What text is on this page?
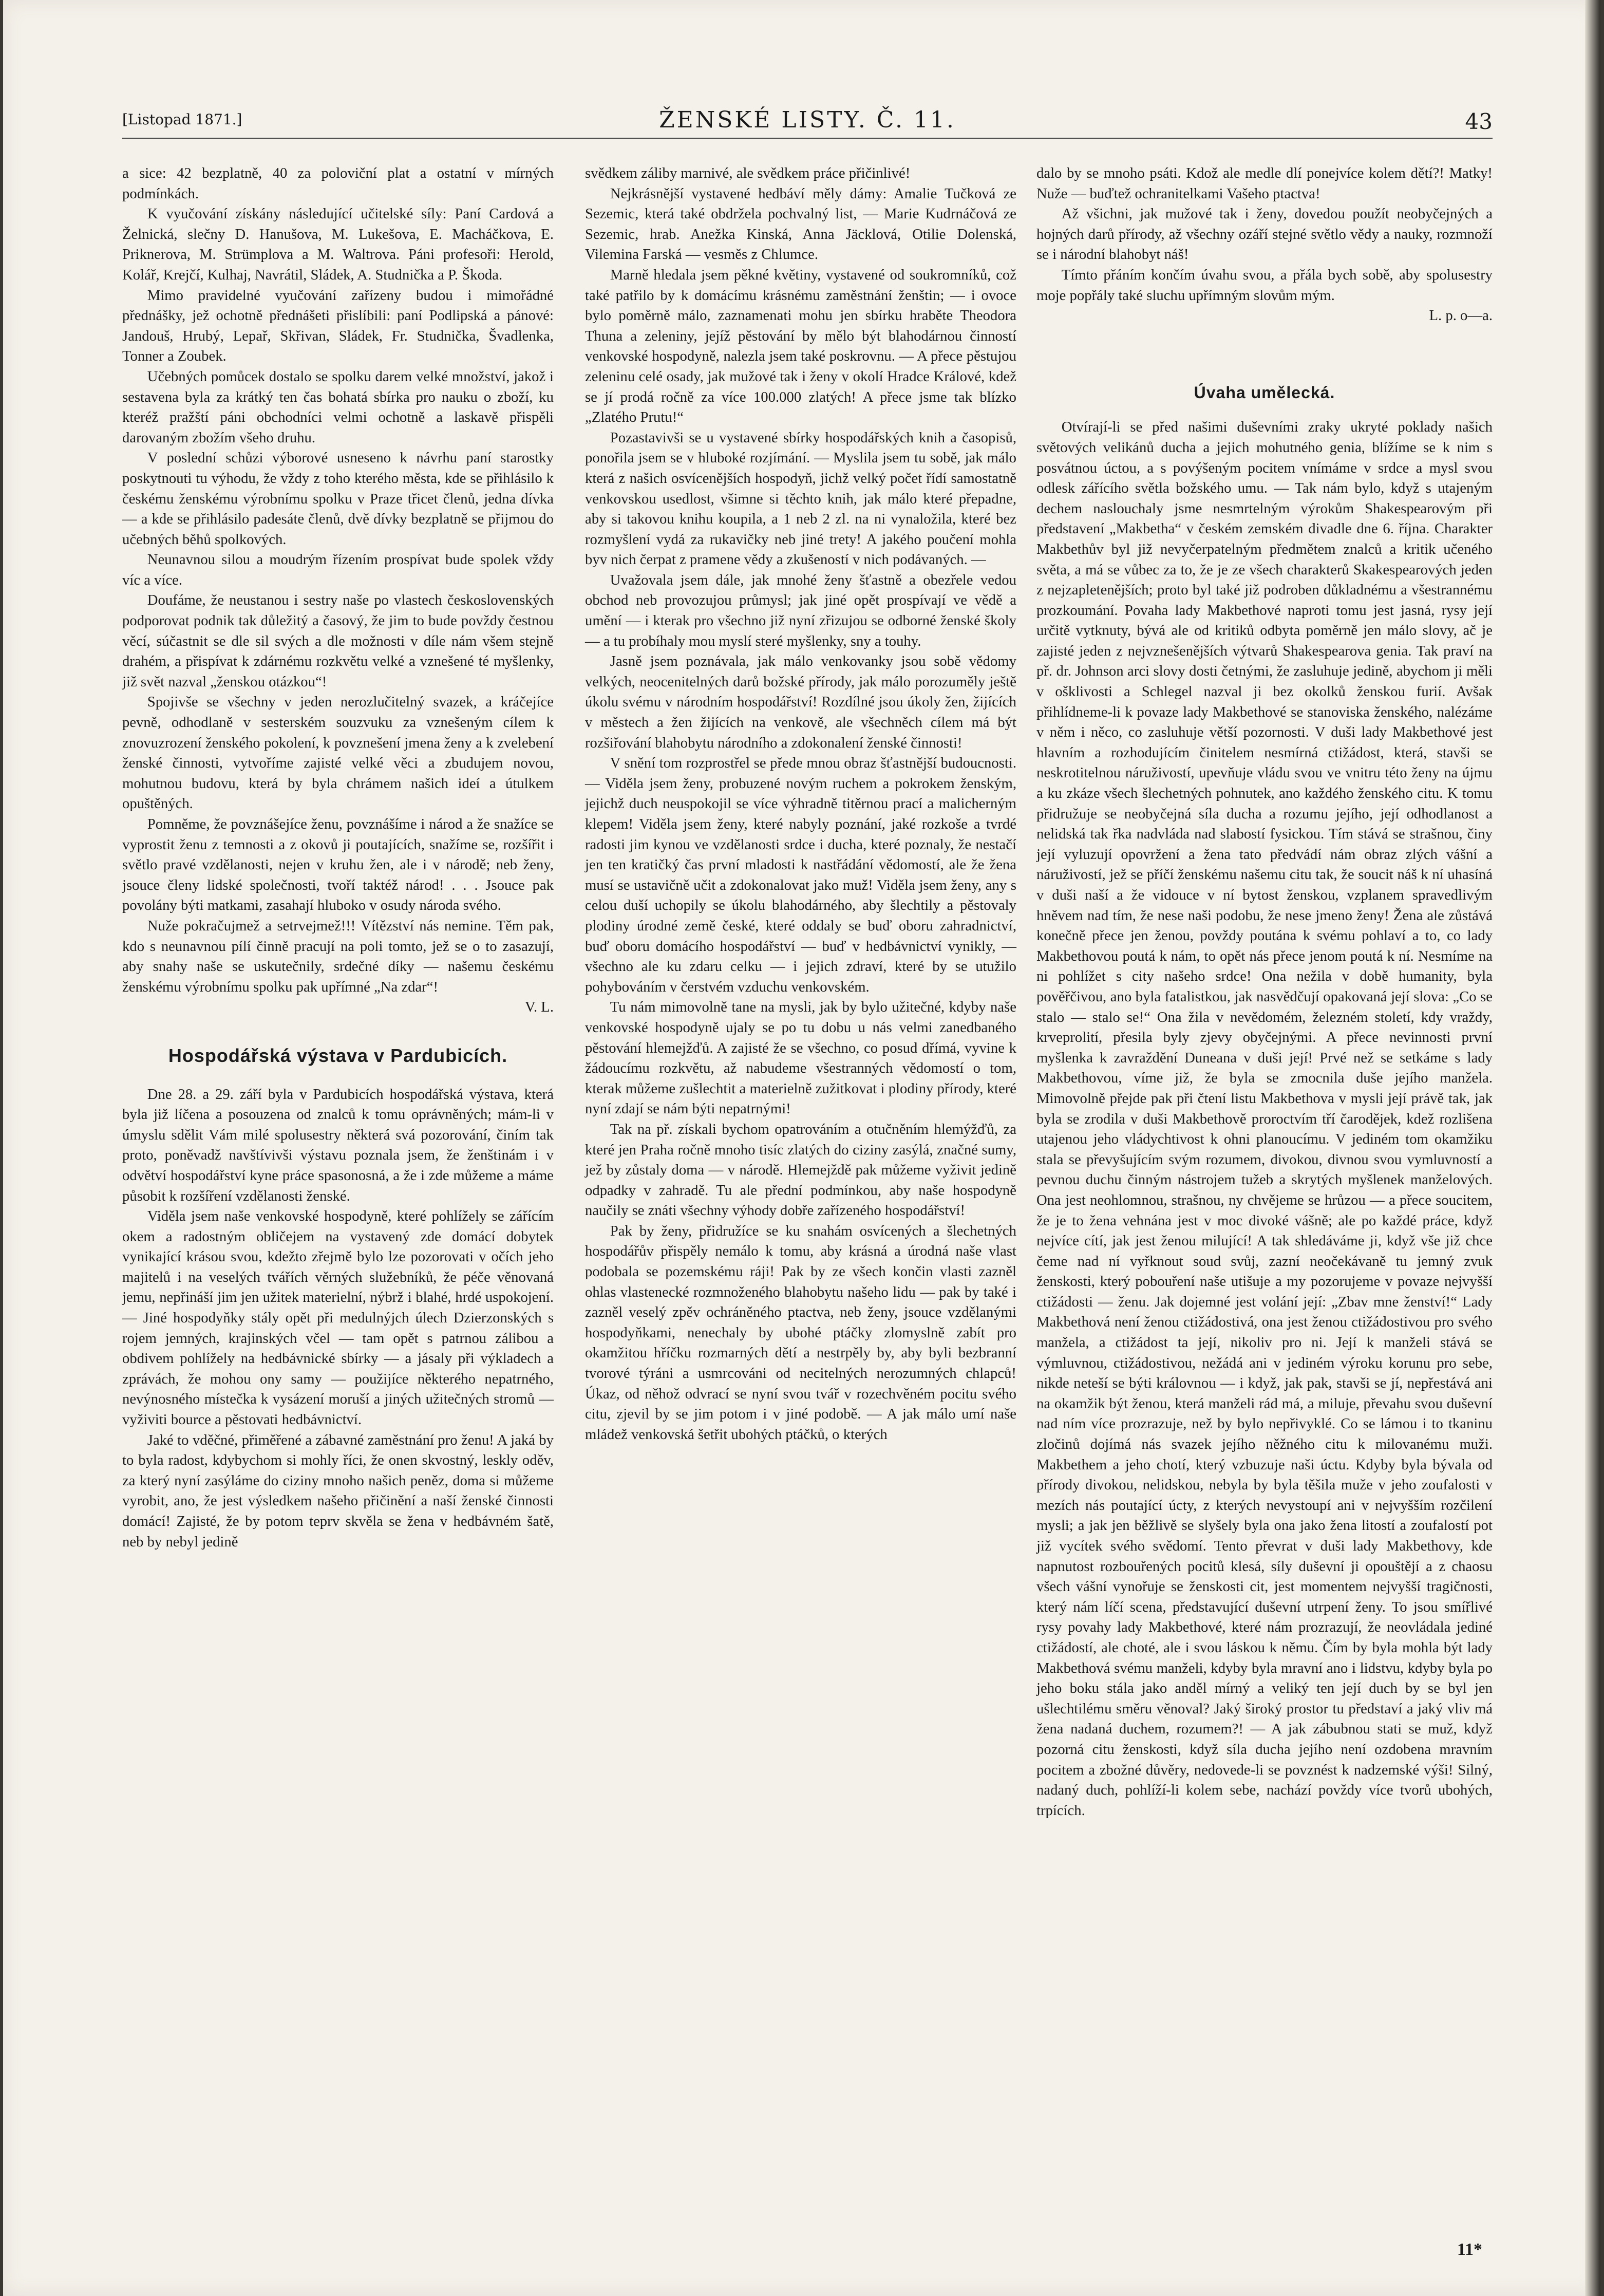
[Listopad 1871.]	ŽENSKÉ LISTY. Č. 11.	43

a sice: 42 bezplatně, 40 za poloviční plat a ostatní v mírných podmínkách.

K vyučování získány následující učitelské síly: Paní Cardová a Želnická, slečny D. Hanušova, M. Lukešova, E. Macháčkova, E. Priknerova, M. Strümplova a M. Waltrova. Páni profesoři: Herold, Kolář, Krejčí, Kulhaj, Navrátil, Sládek, A. Studnička a P. Škoda.

Mimo pravidelné vyučování zařízeny budou i mimořádné přednášky, jež ochotně přednášeti přislíbili: paní Podlipská a pánové: Jandouš, Hrubý, Lepař, Skřivan, Sládek, Fr. Studnička, Švadlenka, Tonner a Zoubek.

Učebných pomůcek dostalo se spolku darem velké množství, jakož i sestavena byla za krátký ten čas bohatá sbírka pro nauku o zboží, ku kteréž pražští páni obchodníci velmi ochotně a laskavě přispěli darovaným zbožím všeho druhu.

V poslední schůzi výborové usneseno k návrhu paní starostky poskytnouti tu výhodu, že vždy z toho kterého města, kde se přihlásilo k českému ženskému výrobnímu spolku v Praze třicet členů, jedna dívka — a kde se přihlásilo padesáte členů, dvě dívky bezplatně se přijmou do učebných běhů spolkových.

Neunavnou silou a moudrým řízením prospívat bude spolek vždy víc a více.

Doufáme, že neustanou i sestry naše po vlastech československých podporovat podnik tak důležitý a časový, že jim to bude povždy čestnou věcí, súčastnit se dle sil svých a dle možnosti v díle nám všem stejně drahém, a přispívat k zdárnému rozkvětu velké a vznešené té myšlenky, již svět nazval „ženskou otázkou“!

Spojivše se všechny v jeden nerozlučitelný svazek, a kráčejíce pevně, odhodlaně v sesterském souzvuku za vznešeným cílem k znovuzrození ženského pokolení, k povznešení jmena ženy a k zvelebení ženské činnosti, vytvoříme zajisté velké věci a zbudujem novou, mohutnou budovu, která by byla chrámem našich ideí a útulkem opuštěných.

Pomněme, že povznášejíce ženu, povznášíme i národ a že snažíce se vyprostit ženu z temnosti a z okovů ji poutajících, snažíme se, rozšířit i světlo pravé vzdělanosti, nejen v kruhu žen, ale i v národě; neb ženy, jsouce členy lidské společnosti, tvoří taktéž národ! . . . Jsouce pak povolány býti matkami, zasahají hluboko v osudy národa svého.

Nuže pokračujmež a setrvejmež!!! Vítězství nás nemine. Těm pak, kdo s neunavnou pílí činně pracují na poli tomto, jež se o to zasazují, aby snahy naše se uskutečnily, srdečné díky — našemu českému ženskému výrobnímu spolku pak upřímné „Na zdar“!

V. L.

Hospodářská výstava v Pardubicích.

Dne 28. a 29. září byla v Pardubicích hospodářská výstava, která byla již líčena a posouzena od znalců k tomu oprávněných; mám-li v úmyslu sdělit Vám milé spolusestry některá svá pozorování, činím tak proto, poněvadž navštívivši výstavu poznala jsem, že ženštinám i v odvětví hospodářství kyne práce spasonosná, a že i zde můžeme a máme působit k rozšíření vzdělanosti ženské.

Viděla jsem naše venkovské hospodyně, které pohlížely se zářícím okem a radostným obličejem na vystavený zde domácí dobytek vynikající krásou svou, kdežto zřejmě bylo lze pozorovati v očích jeho majitelů i na veselých tvářích věrných služebníků, že péče věnovaná jemu, nepřináší jim jen užitek materielní, nýbrž i blahé, hrdé uspokojení. — Jiné hospodyňky stály opět při medulnýjch úlech Dzierzonských s rojem jemných, krajinských včel — tam opět s patrnou zálibou a obdivem pohlížely na hedbávnické sbírky — a jásaly při výkladech a zprávách, že mohou ony samy — použijíce některého nepatrného, nevýnosného místečka k vysázení moruší a jiných užitečných stromů — vyživiti bource a pěstovati hedbávnictví.

Jaké to vděčné, přiměřené a zábavné zaměstnání pro ženu! A jaká by to byla radost, kdybychom si mohly říci, že onen skvostný, leskly oděv, za který nyní zasýláme do ciziny mnoho našich peněz, doma si můžeme vyrobit, ano, že jest výsledkem našeho přičinění a naší ženské činnosti domácí! Zajisté, že by potom teprv skvěla se žena v hedbávném šatě, neb by nebyl jedině

svědkem záliby marnivé, ale svědkem práce přičinlivé!

Nejkrásnější vystavené hedbáví měly dámy: Amalie Tučková ze Sezemic, která také obdržela pochvalný list, — Marie Kudrnáčová ze Sezemic, hrab. Anežka Kinská, Anna Jäcklová, Otilie Dolenská, Vilemina Farská — vesměs z Chlumce.

Marně hledala jsem pěkné květiny, vystavené od soukromníků, což také patřilo by k domácímu krásnému zaměstnání ženštin; — i ovoce bylo poměrně málo, zaznamenati mohu jen sbírku hraběte Theodora Thuna a zeleniny, jejíž pěstování by mělo být blahodárnou činností venkovské hospodyně, nalezla jsem také poskrovnu. — A přece pěstujou zeleninu celé osady, jak mužové tak i ženy v okolí Hradce Králové, kdež se jí prodá ročně za více 100.000 zlatých! A přece jsme tak blízko „Zlatého Prutu!“

Pozastavivši se u vystavené sbírky hospodářských knih a časopisů, ponořila jsem se v hluboké rozjímání. — Myslila jsem tu sobě, jak málo která z našich osvícenějších hospodyň, jichž velký počet řídí samostatně venkovskou usedlost, všimne si těchto knih, jak málo které přepadne, aby si takovou knihu koupila, a 1 neb 2 zl. na ni vynaložila, které bez rozmyšlení vydá za rukavičky neb jiné trety! A jakého poučení mohla byv nich čerpat z pramene vědy a zkušeností v nich podávaných. —

Uvažovala jsem dále, jak mnohé ženy šťastně a obezřele vedou obchod neb provozujou průmysl; jak jiné opět prospívají ve vědě a umění — i kterak pro všechno již nyní zřizujou se odborné ženské školy — a tu probíhaly mou myslí steré myšlenky, sny a touhy.

Jasně jsem poznávala, jak málo venkovanky jsou sobě vědomy velkých, neocenitelných darů božské přírody, jak málo porozuměly ještě úkolu svému v národním hospodářství! Rozdílné jsou úkoly žen, žijících v městech a žen žijících na venkově, ale všechněch cílem má být rozšiřování blahobytu národního a zdokonalení ženské činnosti!

V snění tom rozprostřel se přede mnou obraz šťastnější budoucnosti. — Viděla jsem ženy, probuzené novým ruchem a pokrokem ženským, jejichž duch neuspokojil se více výhradně titěrnou prací a malicherným klepem! Viděla jsem ženy, které nabyly poznání, jaké rozkoše a tvrdé radosti jim kynou ve vzdělanosti srdce i ducha, které poznaly, že nestačí jen ten kratičký čas první mladosti k nastřádání vědomostí, ale že žena musí se ustavičně učit a zdokonalovat jako muž! Viděla jsem ženy, any s celou duší uchopily se úkolu blahodárného, aby šlechtily a pěstovaly plodiny úrodné země české, které oddaly se buď oboru zahradnictví, buď oboru domácího hospodářství — buď v hedbávnictví vynikly, — všechno ale ku zdaru celku — i jejich zdraví, které by se utužilo pohybováním v čerstvém vzduchu venkovském.

Tu nám mimovolně tane na mysli, jak by bylo užitečné, kdyby naše venkovské hospodyně ujaly se po tu dobu u nás velmi zanedbaného pěstování hlemejžďů. A zajisté že se všechno, co posud dřímá, vyvine k žádoucímu rozkvětu, až nabudeme všestranných vědomostí o tom, kterak můžeme zušlechtit a materielně zužitkovat i plodiny přírody, které nyní zdají se nám býti nepatrnými!

Tak na př. získali bychom opatrováním a otučněním hlemýžďů, za které jen Praha ročně mnoho tisíc zlatých do ciziny zasýlá, značné sumy, jež by zůstaly doma — v národě. Hlemejždě pak můžeme vyživit jedině odpadky v zahradě. Tu ale přední podmínkou, aby naše hospodyně naučily se znáti všechny výhody dobře zařízeného hospodářství!

Pak by ženy, přidružíce se ku snahám osvícených a šlechetných hospodářův přispěly nemálo k tomu, aby krásná a úrodná naše vlast podobala se pozemskému ráji! Pak by ze všech končin vlasti zazněl ohlas vlastenecké rozmnoženého blahobytu našeho lidu — pak by také i zazněl veselý zpěv ochráněného ptactva, neb ženy, jsouce vzdělanými hospodyňkami, nenechaly by ubohé ptáčky zlomyslně zabít pro okamžitou hříčku rozmarných dětí a nestrpěly by, aby byli bezbranní tvorové týráni a usmrcováni od necitelných nerozumných chlapců! Úkaz, od něhož odvrací se nyní svou tvář v rozechvěném pocitu svého citu, zjevil by se jim potom i v jiné podobě. — A jak málo umí naše mládež venkovská šetřit ubohých ptáčků, o kterých

dalo by se mnoho psáti. Kdož ale medle dlí ponejvíce kolem dětí?! Matky! Nuže — buďtež ochranitelkami Vašeho ptactva!

Až všichni, jak mužové tak i ženy, dovedou použít neobyčejných a hojných darů přírody, až všechny ozáří stejné světlo vědy a nauky, rozmnoží se i národní blahobyt náš!

Tímto přáním končím úvahu svou, a přála bych sobě, aby spolusestry moje popřály také sluchu upřímným slovům mým.

L. p. o—a.

Úvaha umělecká.

Otvírají-li se před našimi duševními zraky ukryté poklady našich světových velikánů ducha a jejich mohutného genia, blížíme se k nim s posvátnou úctou, a s povýšeným pocitem vnímáme v srdce a mysl svou odlesk zářícího světla božského umu. — Tak nám bylo, když s utajeným dechem naslouchaly jsme nesmrtelným výrokům Shakespearovým při představení „Makbetha“ v českém zemském divadle dne 6. října. Charakter Makbethův byl již nevyčerpatelným předmětem znalců a kritik učeného světa, a má se vůbec za to, že je ze všech charakterů Skakespearových jeden z nejzapletenějších; proto byl také již podroben důkladnému a všestrannému prozkoumání. Povaha lady Makbethové naproti tomu jest jasná, rysy její určitě vytknuty, bývá ale od kritiků odbyta poměrně jen málo slovy, ač je zajisté jeden z nejvznešenějších výtvarů Shakespearova genia. Tak praví na př. dr. Johnson arci slovy dosti četnými, že zasluhuje jedině, abychom ji měli v ošklivosti a Schlegel nazval ji bez okolků ženskou furií. Avšak přihlídneme-li k povaze lady Makbethové se stanoviska ženského, nalézáme v něm i něco, co zasluhuje větší pozornosti. V duši lady Makbethové jest hlavním a rozhodujícím činitelem nesmírná ctižádost, která, stavši se neskrotitelnou náruživostí, upevňuje vládu svou ve vnitru této ženy na újmu a ku zkáze všech šlechetných pohnutek, ano každého ženského citu. K tomu přidružuje se neobyčejná síla ducha a rozumu jejího, její odhodlanost a nelidská tak řka nadvláda nad slabostí fysickou. Tím stává se strašnou, činy její vyluzují opovržení a žena tato předvádí nám obraz zlých vášní a náruživostí, jež se příčí ženskému našemu citu tak, že soucit náš k ní uhasíná v duši naší a že vidouce v ní bytost ženskou, vzplanem spravedlivým hněvem nad tím, že nese naši podobu, že nese jmeno ženy! Žena ale zůstává konečně přece jen ženou, povždy poutána k svému pohlaví a to, co lady Makbethovou poutá k nám, to opět nás přece jenom poutá k ní. Nesmíme na ni pohlížet s city našeho srdce! Ona nežila v době humanity, byla pověřčivou, ano byla fatalistkou, jak nasvědčují opakovaná její slova: „Co se stalo — stalo se!“ Ona žila v nevědomém, železném století, kdy vraždy, krveprolití, přesila byly zjevy obyčejnými. A přece nevinnosti první myšlenka k zavraždění Duneana v duši její! Prvé než se setkáme s lady Makbethovou, víme již, že byla se zmocnila duše jejího manžela. Mimovolně přejde pak při čtení listu Makbethova v mysli její právě tak, jak byla se zrodila v duši Makbethově proroctvím tří čarodějek, kdež rozlišena utajenou jeho vládychtivost k ohni planoucímu. V jediném tom okamžiku stala se převyšujícím svým rozumem, divokou, divnou svou vymluvností a pevnou duchu činným nástrojem tužeb a skrytých myšlenek manželových. Ona jest neohlomnou, strašnou, ny chvějeme se hrůzou — a přece soucitem, že je to žena vehnána jest v moc divoké vášně; ale po každé práce, když nejvíce cítí, jak jest ženou milující! A tak shledáváme ji, když vše již chce čeme nad ní vyřknout soud svůj, zazní neočekávaně tu jemný zvuk ženskosti, který pobouření naše utišuje a my pozorujeme v povaze nejvyšší ctižádosti — ženu. Jak dojemné jest volání její: „Zbav mne ženství!“ Lady Makbethová není ženou ctižádostivá, ona jest ženou ctižádostivou pro svého manžela, a ctižádost ta její, nikoliv pro ni. Její k manželi stává se výmluvnou, ctižádostivou, nežádá ani v jediném výroku korunu pro sebe, nikde neteší se býti královnou — i když, jak pak, stavši se jí, nepřestává ani na okamžik být ženou, která manželi rád má, a miluje, převahu svou duševní nad ním více prozrazuje, než by bylo nepřivyklé. Co se lámou i to tkaninu zločinů dojímá nás svazek jejího něžného citu k milovanému muži. Makbethem a jeho chotí, který vzbuzuje naši úctu. Kdyby byla bývala od přírody divokou, nelidskou, nebyla by byla těšila muže v jeho zoufalosti v mezích nás poutající úcty, z kterých nevystoupí ani v nejvyšším rozčilení mysli; a jak jen běžlivě se slyšely byla ona jako žena litostí a zoufalostí pot již vycítek svého svědomí. Tento převrat v duši lady Makbethovy, kde napnutost rozbouřených pocitů klesá, síly duševní ji opouštějí a z chaosu všech vášní vynořuje se ženskosti cit, jest momentem nejvyšší tragičnosti, který nám líčí scena, představující duševní utrpení ženy. To jsou smířlivé rysy povahy lady Makbethové, které nám prozrazují, že neovládala jediné ctižádostí, ale choté, ale i svou láskou k němu. Čím by byla mohla být lady Makbethová svému manželi, kdyby byla mravní ano i lidstvu, kdyby byla po jeho boku stála jako anděl mírný a veliký ten její duch by se byl jen ušlechtilému směru věnoval? Jaký široký prostor tu představí a jaký vliv má žena nadaná duchem, rozumem?! — A jak zábubnou stati se muž, když pozorná citu ženskosti, když síla ducha jejího není ozdobena mravním pocitem a zbožné důvěry, nedovede-li se povznést k nadzemské výši! Silný, nadaný duch, pohlíží-li kolem sebe, nachází povždy více tvorů ubohých, trpících.

11*
